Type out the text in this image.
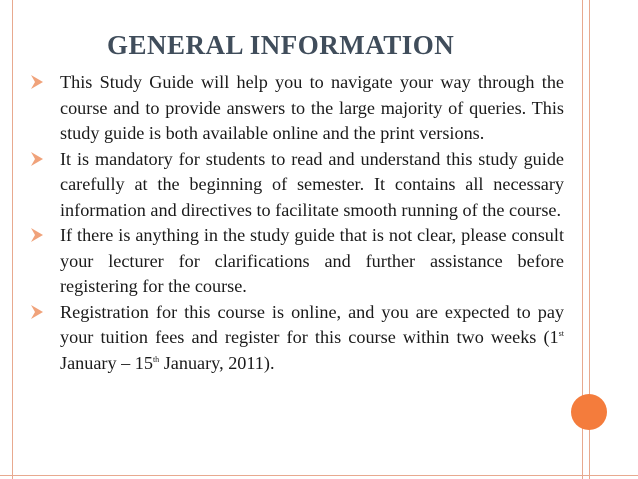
GENERAL INFORMATION
This Study Guide will help you to navigate your way through the course and to provide answers to the large majority of queries. This study guide is both available online and the print versions.
It is mandatory for students to read and understand this study guide carefully at the beginning of semester. It contains all necessary information and directives to facilitate smooth running of the course.
If there is anything in the study guide that is not clear, please consult your lecturer for clarifications and further assistance before registering for the course.
Registration for this course is online, and you are expected to pay your tuition fees and register for this course within two weeks (1st January – 15th January, 2011).
